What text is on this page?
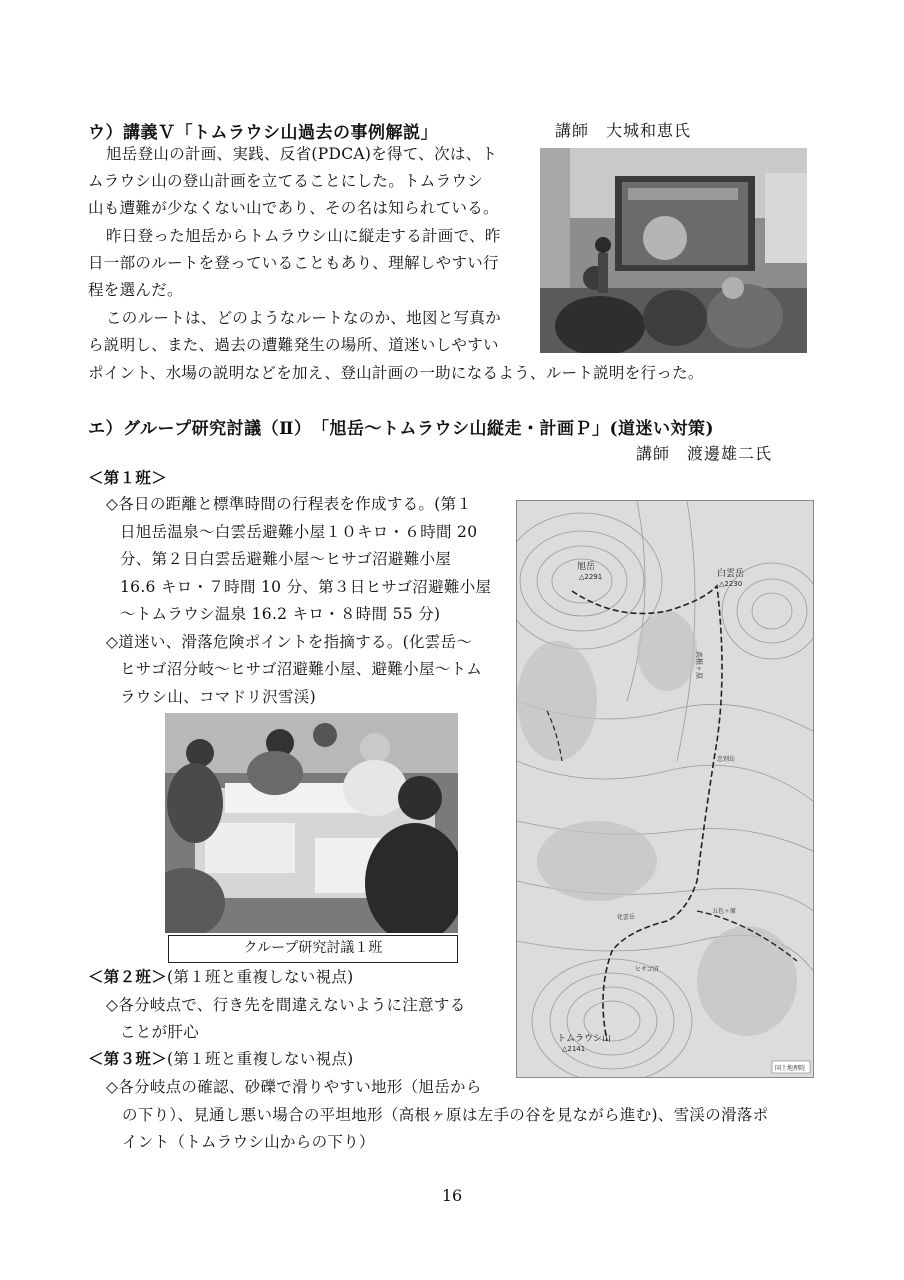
ウ）講義Ｖ「トムラウシ山過去の事例解説」	講師　大城和恵氏
旭岳登山の計画、実践、反省(PDCA)を得て、次は、ト
ムラウシ山の登山計画を立てることにした。トムラウシ
山も遭難が少なくない山であり、その名は知られている。
昨日登った旭岳からトムラウシ山に縦走する計画で、昨
日一部のルートを登っていることもあり、理解しやすい行
程を選んだ。
このルートは、どのようなルートなのか、地図と写真か
ら説明し、また、過去の遭難発生の場所、道迷いしやすい
ポイント、水場の説明などを加え、登山計画の一助になるよう、ルート説明を行った。
エ）グループ研究討議（Ⅱ）　「旭岳〜トムラウシ山縦走・計画Ｐ」(道迷い対策)
講師　渡邊雄二氏
＜第１班＞
◇各日の距離と標準時間の行程表を作成する。(第１
日旭岳温泉〜白雲岳避難小屋１０キロ・６時間 20
分、第２日白雲岳避難小屋〜ヒサゴ沼避難小屋
16.6 キロ・７時間 10 分、第３日ヒサゴ沼避難小屋
〜トムラウシ温泉 16.2 キロ・８時間 55 分)
◇道迷い、滑落危険ポイントを指摘する。(化雲岳〜
ヒサゴ沼分岐〜ヒサゴ沼避難小屋、避難小屋〜トム
ラウシ山、コマドリ沢雪渓)
クループ研究討議１班
＜第２班＞(第１班と重複しない視点)
◇各分岐点で、行き先を間違えないように注意する
ことが肝心
＜第３班＞(第１班と重複しない視点)
◇各分岐点の確認、砂礫で滑りやすい地形（旭岳から
の下り）、見通し悪い場合の平坦地形（高根ヶ原は左手の谷を見ながら進む)、雪渓の滑落ポ
イント（トムラウシ山からの下り）
旭岳
△2291	白雲岳
△2230
忠別岳
五色ヶ原
ヒサゴ沼
化雲岳
高根ヶ原
トムラウシ山
△2141
国土地理院
16
